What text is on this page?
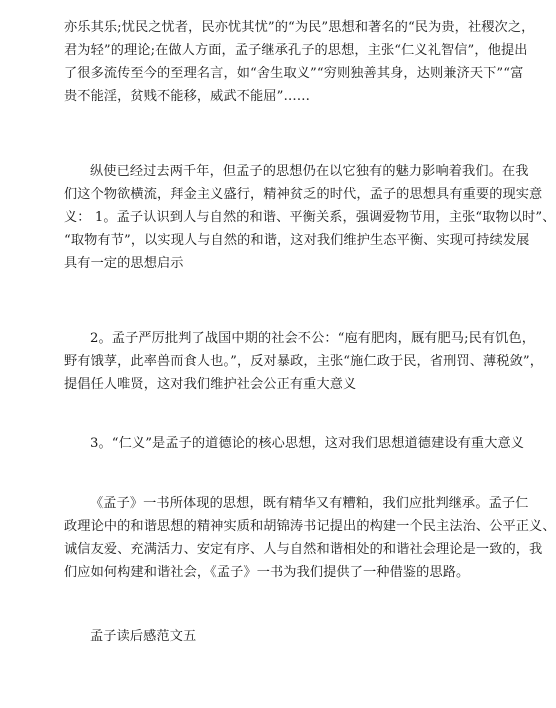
亦乐其乐;忧民之忧者，民亦忧其忧”的“为民”思想和著名的“民为贵，社稷次之，
君为轻”的理论;在做人方面，孟子继承孔子的思想，主张“仁义礼智信”，他提出
了很多流传至今的至理名言，如“舍生取义”“穷则独善其身，达则兼济天下”“富
贵不能淫，贫贱不能移，威武不能屈”……
纵使已经过去两千年，但孟子的思想仍在以它独有的魅力影响着我们。在我
们这个物欲横流，拜金主义盛行，精神贫乏的时代，孟子的思想具有重要的现实意
义： 1。孟子认识到人与自然的和谐、平衡关系，强调爱物节用，主张“取物以时”、
“取物有节”，以实现人与自然的和谐，这对我们维护生态平衡、实现可持续发展
具有一定的思想启示
2。孟子严厉批判了战国中期的社会不公：“庖有肥肉，厩有肥马;民有饥色，
野有饿莩，此率兽而食人也。”，反对暴政，主张“施仁政于民，省刑罚、薄税敛”，
提倡任人唯贤，这对我们维护社会公正有重大意义
3。“仁义”是孟子的道德论的核心思想，这对我们思想道德建设有重大意义
《孟子》一书所体现的思想，既有精华又有糟粕，我们应批判继承。孟子仁
政理论中的和谐思想的精神实质和胡锦涛书记提出的构建一个民主法治、公平正义、
诚信友爱、充满活力、安定有序、人与自然和谐相处的和谐社会理论是一致的，我
们应如何构建和谐社会，《孟子》一书为我们提供了一种借鉴的思路。
孟子读后感范文五
